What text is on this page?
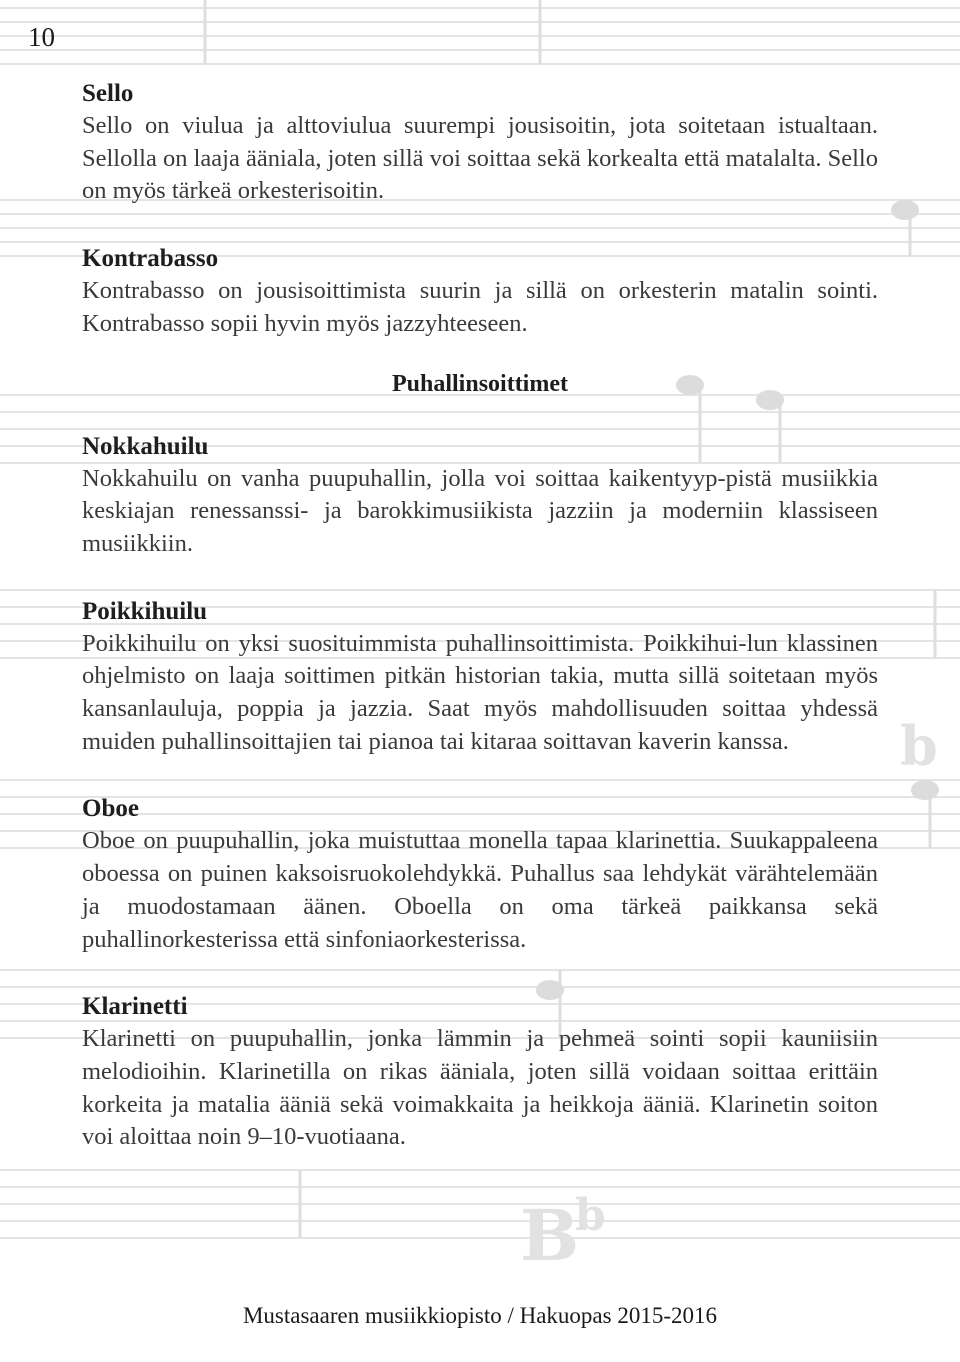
B
b
b
10

Sello

Sello on viulua ja alttoviulua suurempi jousisoitin, jota soitetaan istualtaan. Sellolla on laaja ääniala, joten sillä voi soittaa sekä korkealta että matalalta. Sello on myös tärkeä orkesterisoitin.

Kontrabasso

Kontrabasso on jousisoittimista suurin ja sillä on orkesterin matalin sointi. Kontrabasso sopii hyvin myös jazzyhteeseen.

Puhallinsoittimet

Nokkahuilu

Nokkahuilu on vanha puupuhallin, jolla voi soittaa kaikentyyp-pistä musiikkia keskiajan renessanssi- ja barokkimusiikista jazziin ja moderniin klassiseen musiikkiin.

Poikkihuilu

Poikkihuilu on yksi suosituimmista puhallinsoittimista. Poikkihui-lun klassinen ohjelmisto on laaja soittimen pitkän historian takia, mutta sillä soitetaan myös kansanlauluja, poppia ja jazzia. Saat myös mahdollisuuden soittaa yhdessä muiden puhallinsoittajien tai pianoa tai kitaraa soittavan kaverin kanssa.

Oboe

Oboe on puupuhallin, joka muistuttaa monella tapaa klarinettia. Suukappaleena oboessa on puinen kaksoisruokolehdykkä. Puhallus saa lehdykät värähtelemään ja muodostamaan äänen. Oboella on oma tärkeä paikkansa sekä puhallinorkesterissa että sinfoniaorkesterissa.

Klarinetti

Klarinetti on puupuhallin, jonka lämmin ja pehmeä sointi sopii kauniisiin melodioihin. Klarinetilla on rikas ääniala, joten sillä voidaan soittaa erittäin korkeita ja matalia ääniä sekä voimakkaita ja heikkoja ääniä. Klarinetin soiton voi aloittaa noin 9–10-vuotiaana.

Mustasaaren musiikkiopisto / Hakuopas 2015-2016
